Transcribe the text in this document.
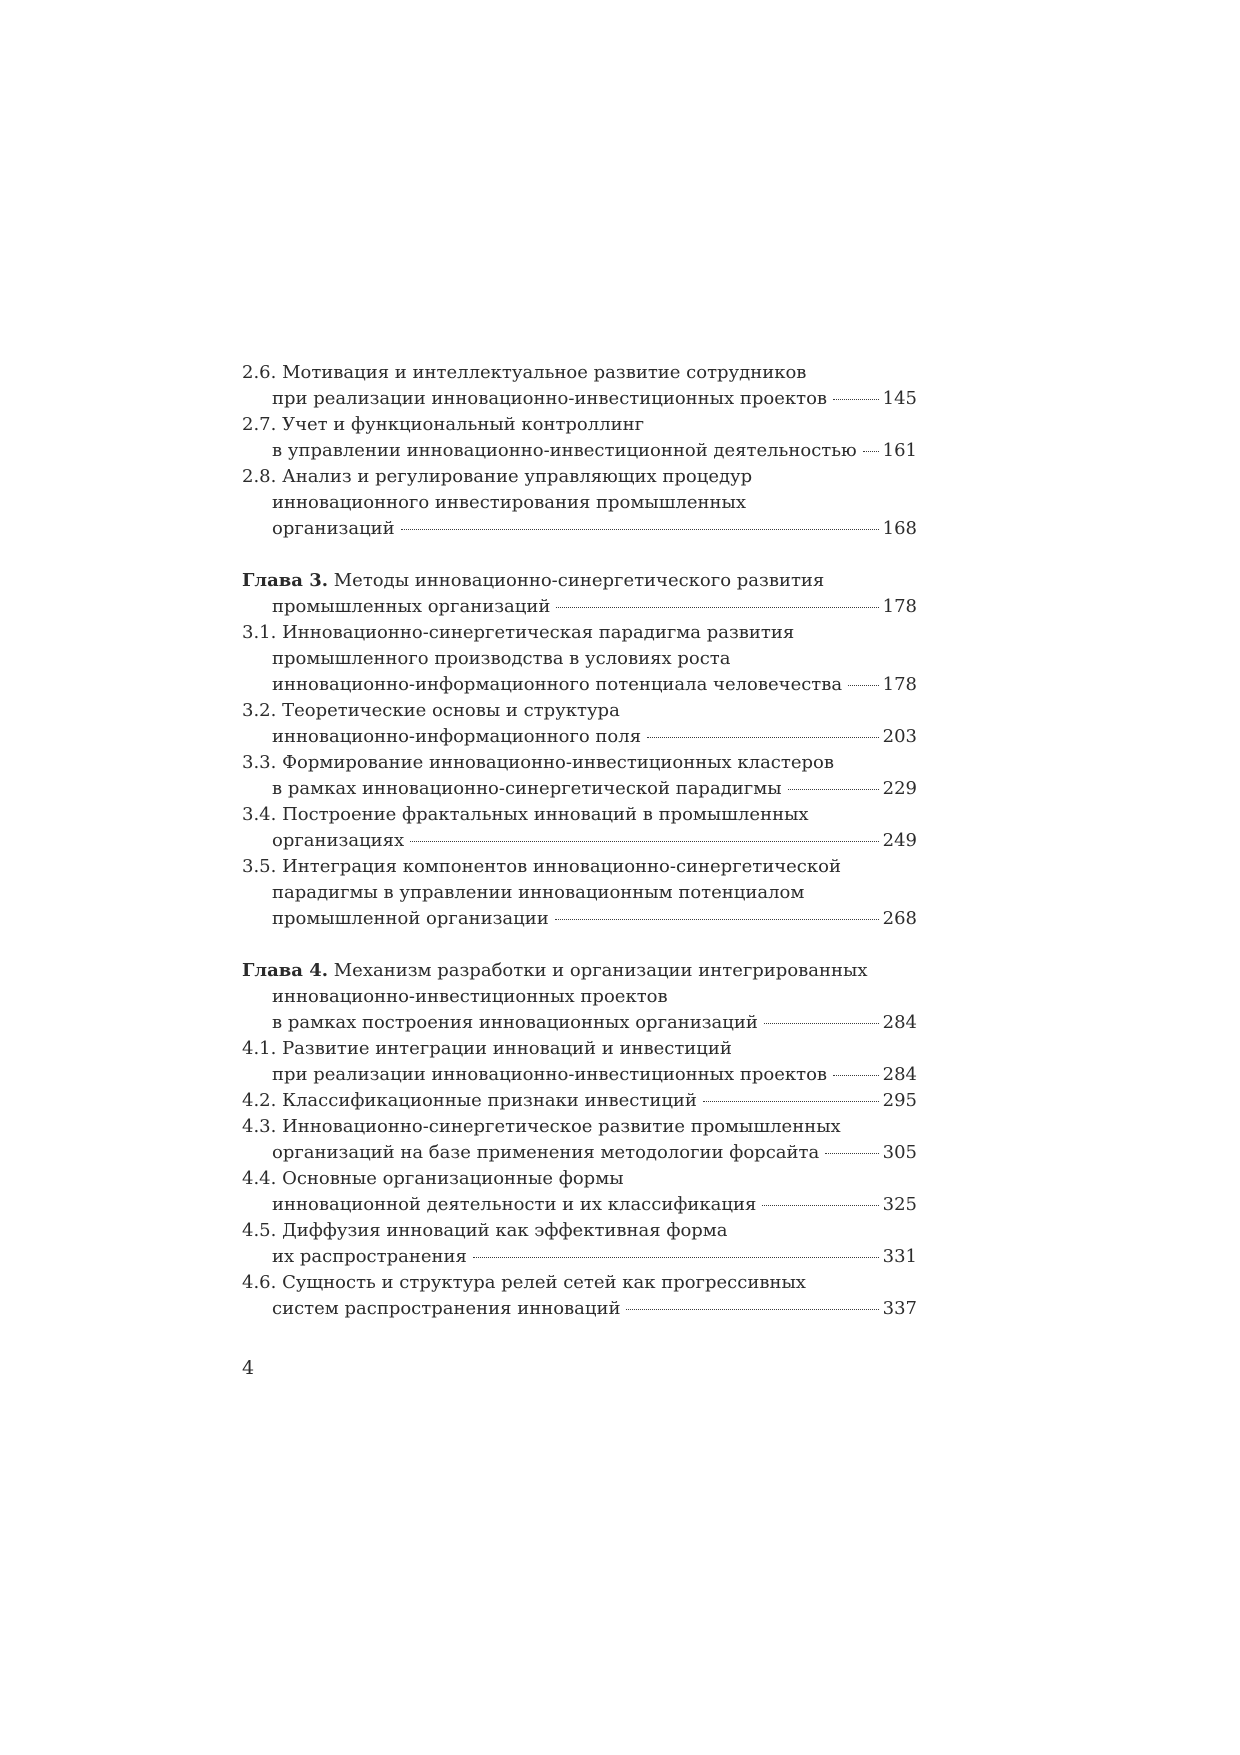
2.6. Мотивация и интеллектуальное развитие сотрудников
при реализации инновационно-инвестиционных проектов	145
2.7. Учет и функциональный контроллинг
в управлении инновационно-инвестиционной деятельностью 161
2.8. Анализ и регулирование управляющих процедур
инновационного инвестирования промышленных
организаций	168
Глава 3. Методы инновационно-синергетического развития
промышленных организаций	178
3.1. Инновационно-синергетическая парадигма развития
промышленного производства в условиях роста
инновационно-информационного потенциала человечества 178
3.2. Теоретические основы и структура
инновационно-информационного поля	203
3.3. Формирование инновационно-инвестиционных кластеров
в рамках инновационно-синергетической парадигмы	229
3.4. Построение фрактальных инноваций в промышленных
организациях	249
3.5. Интеграция компонентов инновационно-синергетической
парадигмы в управлении инновационным потенциалом
промышленной организации	268
Глава 4. Механизм разработки и организации интегрированных
инновационно-инвестиционных проектов
в рамках построения инновационных организаций	284
4.1. Развитие интеграции инноваций и инвестиций
при реализации инновационно-инвестиционных проектов	284
4.2. Классификационные признаки инвестиций	295
4.3. Инновационно-синергетическое развитие промышленных
организаций на базе применения методологии форсайта	305
4.4. Основные организационные формы
инновационной деятельности и их классификация	325
4.5. Диффузия инноваций как эффективная форма
их распространения	331
4.6. Сущность и структура релей сетей как прогрессивных
систем распространения инноваций	337
4
